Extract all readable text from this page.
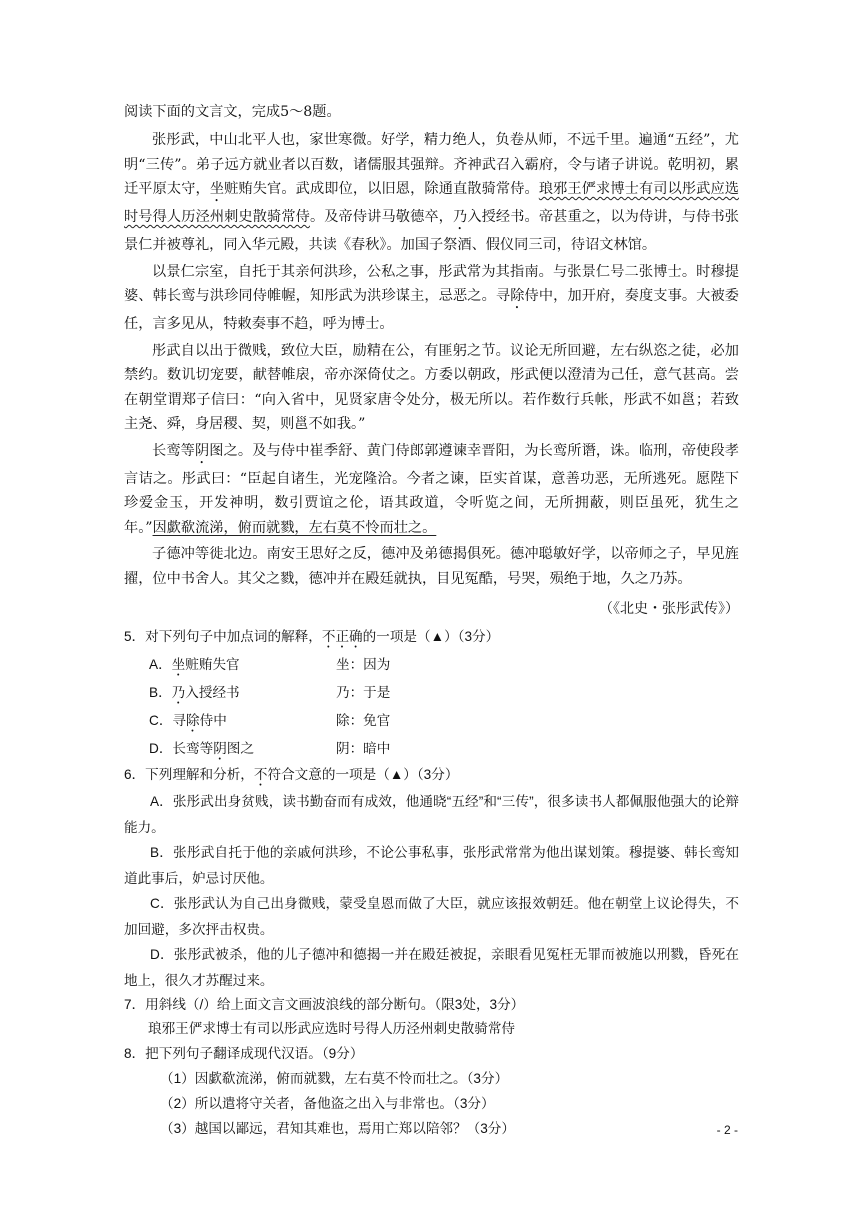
阅读下面的文言文，完成5～8题。

张彤武，中山北平人也，家世寒微。好学，精力绝人，负卷从师，不远千里。遍通“五经”，尤明“三传”。弟子远方就业者以百数，诸儒服其强辩。齐神武召入霸府，令与诸子讲说。乾明初，累迁平原太守，坐赃贿失官。武成即位，以旧恩，除通直散骑常侍。琅邪王俨求博士有司以彤武应选时号得人历泾州刺史散骑常侍。及帝侍讲马敬德卒，乃入授经书。帝甚重之，以为侍讲，与侍书张景仁并被尊礼，同入华元殿，共读《春秋》。加国子祭酒、假仪同三司，待诏文林馆。

以景仁宗室，自托于其亲何洪珍，公私之事，彤武常为其指南。与张景仁号二张博士。时穆提婆、韩长鸾与洪珍同侍帷幄，知彤武为洪珍谋主，忌恶之。寻除侍中，加开府，奏度支事。大被委任，言多见从，特敕奏事不趋，呼为博士。

彤武自以出于微贱，致位大臣，励精在公，有匪躬之节。议论无所回避，左右纵恣之徒，必加禁约。数讥切宠要，献替帷扆，帝亦深倚仗之。方委以朝政，彤武便以澄清为己任，意气甚高。尝在朝堂谓郑子信曰：“向入省中，见贤家唐令处分，极无所以。若作数行兵帐，彤武不如邕；若致主尧、舜，身居稷、契，则邕不如我。”

长鸾等阴图之。及与侍中崔季舒、黄门侍郎郭遵谏幸晋阳，为长鸾所谮，诛。临刑，帝使段孝言诘之。彤武曰：“臣起自诸生，光宠隆洽。今者之谏，臣实首谋，意善功恶，无所逃死。愿陛下珍爱金玉，开发神明，数引贾谊之伦，语其政道，令听览之间，无所拥蔽，则臣虽死，犹生之年。”因歔欷流涕，俯而就戮，左右莫不怜而壮之。

子德冲等徙北边。南安王思好之反，德冲及弟德揭俱死。德冲聪敏好学，以帝师之子，早见旌擢，位中书舍人。其父之戮，德冲并在殿廷就执，目见冤酷，号哭，殒绝于地，久之乃苏。

（《北史・张彤武传》）

5．对下列句子中加点词的解释，不正确的一项是（▲）（3分）

A．坐赃贿失官	坐：因为
B．乃入授经书	乃：于是
C．寻除侍中	除：免官
D．长鸾等阴图之	阴：暗中

6．下列理解和分析，不符合文意的一项是（▲）（3分）

A．张彤武出身贫贱，读书勤奋而有成效，他通晓“五经”和“三传”，很多读书人都佩服他强大的论辩能力。

B．张彤武自托于他的亲戚何洪珍，不论公事私事，张彤武常常为他出谋划策。穆提婆、韩长鸾知道此事后，妒忌讨厌他。

C．张彤武认为自己出身微贱，蒙受皇恩而做了大臣，就应该报效朝廷。他在朝堂上议论得失，不加回避，多次抨击权贵。

D．张彤武被杀，他的儿子德冲和德揭一并在殿廷被捉，亲眼看见冤枉无罪而被施以刑戮，昏死在地上，很久才苏醒过来。

7．用斜线（/）给上面文言文画波浪线的部分断句。（限3处，3分）

琅邪王俨求博士有司以彤武应选时号得人历泾州刺史散骑常侍

8．把下列句子翻译成现代汉语。（9分）

（1）因歔欷流涕，俯而就戮，左右莫不怜而壮之。（3分）

（2）所以遣将守关者，备他盗之出入与非常也。（3分）

（3）越国以鄙远，君知其难也，焉用亡郑以陪邻？（3分）	- 2 -
